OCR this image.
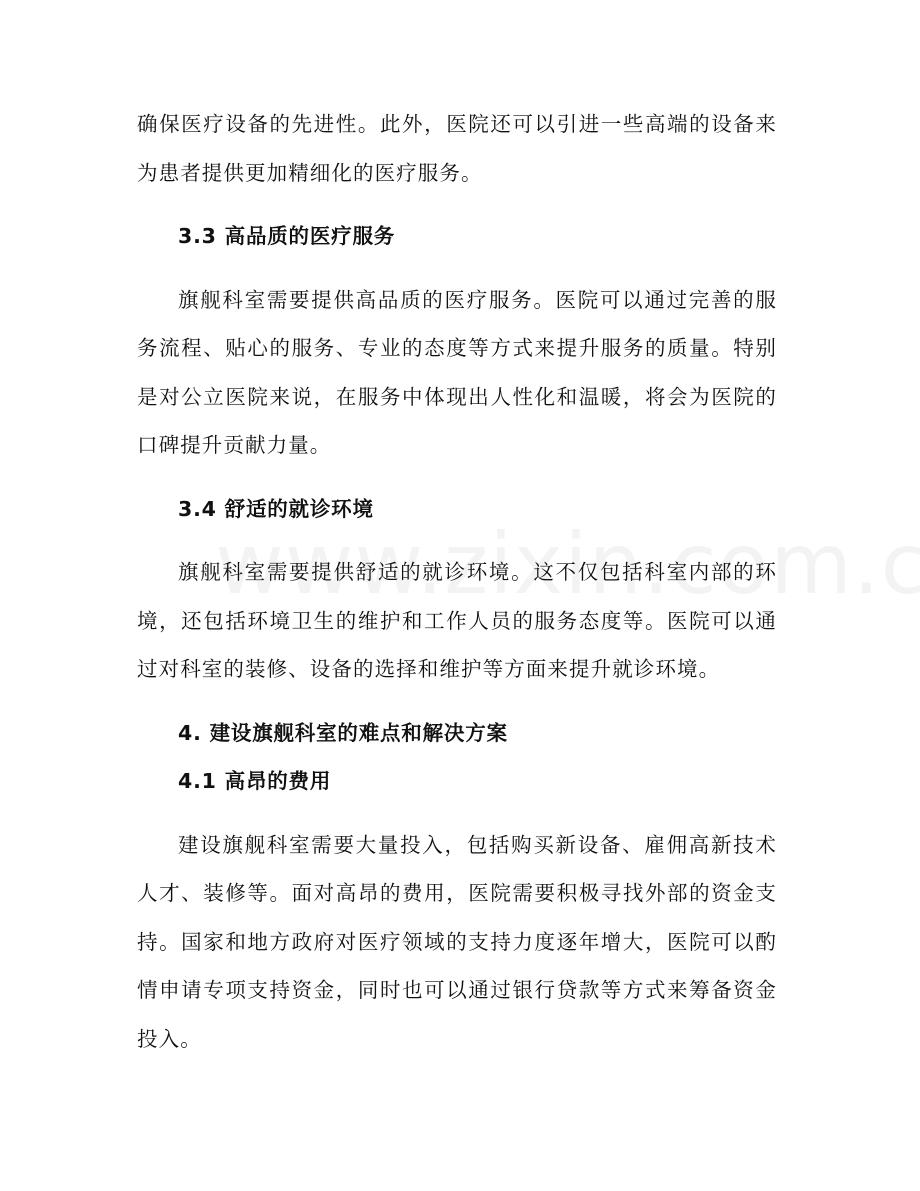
确保医疗设备的先进性。此外，医院还可以引进一些高端的设备来为患者提供更加精细化的医疗服务。

3.3 高品质的医疗服务

旗舰科室需要提供高品质的医疗服务。医院可以通过完善的服务流程、贴心的服务、专业的态度等方式来提升服务的质量。特别是对公立医院来说，在服务中体现出人性化和温暖，将会为医院的口碑提升贡献力量。

3.4 舒适的就诊环境

旗舰科室需要提供舒适的就诊环境。这不仅包括科室内部的环境，还包括环境卫生的维护和工作人员的服务态度等。医院可以通过对科室的装修、设备的选择和维护等方面来提升就诊环境。

4. 建设旗舰科室的难点和解决方案

4.1 高昂的费用

建设旗舰科室需要大量投入，包括购买新设备、雇佣高新技术人才、装修等。面对高昂的费用，医院需要积极寻找外部的资金支持。国家和地方政府对医疗领域的支持力度逐年增大，医院可以酌情申请专项支持资金，同时也可以通过银行贷款等方式来筹备资金投入。
